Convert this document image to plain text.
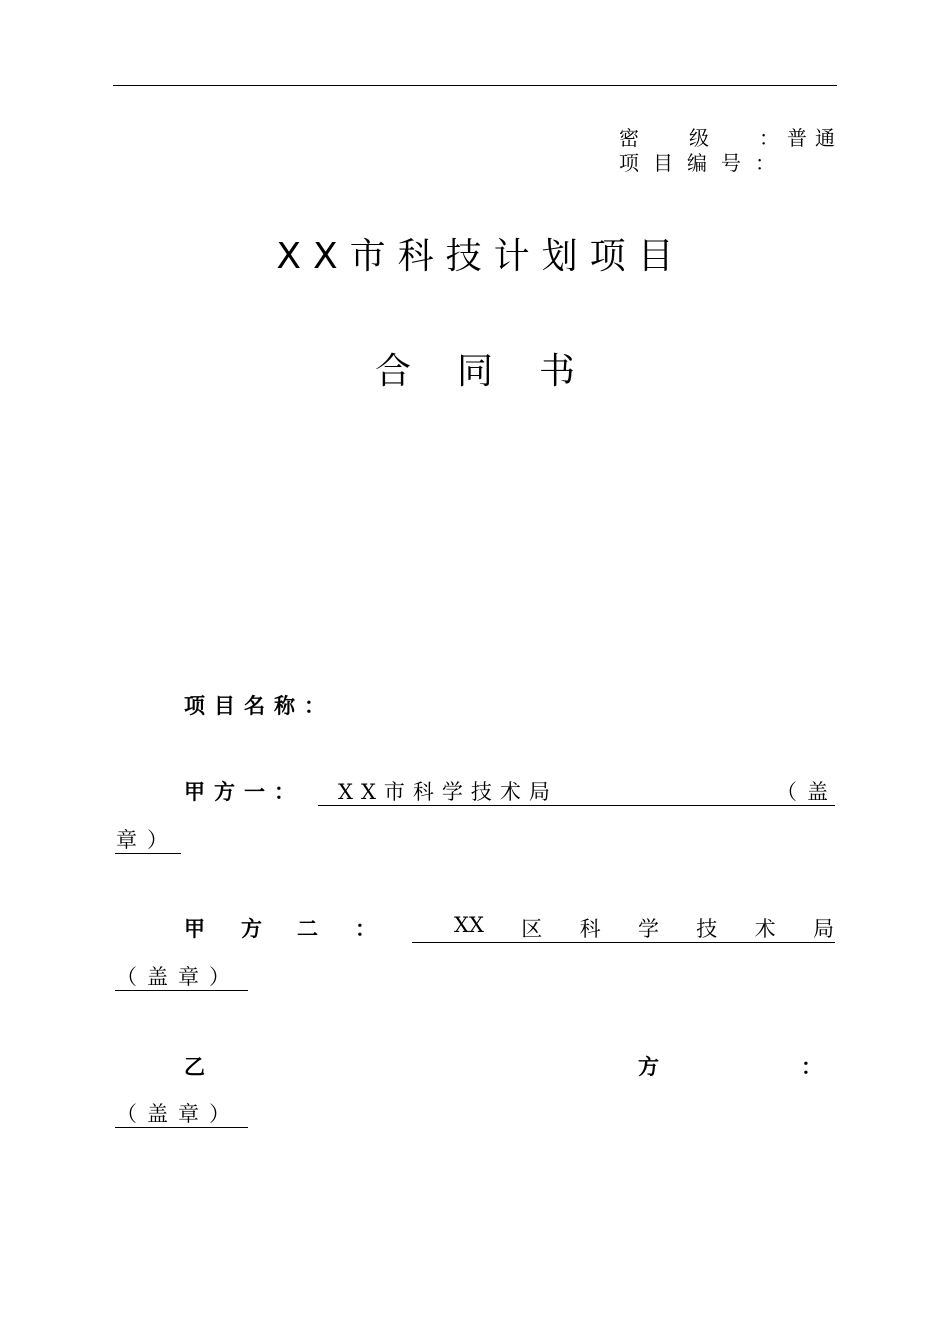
密级：普通
项目编号：
XX市科技计划项目
合同书
项目名称：
甲方一： XX市科学技术局	（盖
章）
甲 方 二 ：	XX 区 科 学 技 术 局
（盖章）
乙	方	：
（盖章）
